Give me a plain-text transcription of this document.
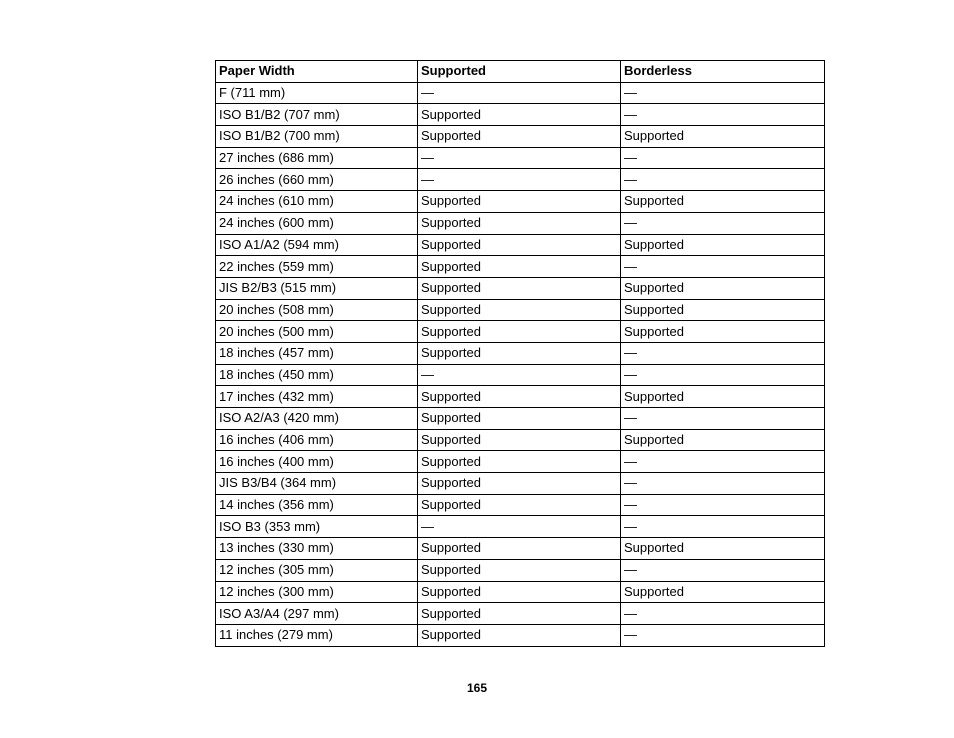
Paper Width	Supported	Borderless
F (711 mm)	—	—
ISO B1/B2 (707 mm)	Supported	—
ISO B1/B2 (700 mm)	Supported	Supported
27 inches (686 mm)	—	—
26 inches (660 mm)	—	—
24 inches (610 mm)	Supported	Supported
24 inches (600 mm)	Supported	—
ISO A1/A2 (594 mm)	Supported	Supported
22 inches (559 mm)	Supported	—
JIS B2/B3 (515 mm)	Supported	Supported
20 inches (508 mm)	Supported	Supported
20 inches (500 mm)	Supported	Supported
18 inches (457 mm)	Supported	—
18 inches (450 mm)	—	—
17 inches (432 mm)	Supported	Supported
ISO A2/A3 (420 mm)	Supported	—
16 inches (406 mm)	Supported	Supported
16 inches (400 mm)	Supported	—
JIS B3/B4 (364 mm)	Supported	—
14 inches (356 mm)	Supported	—
ISO B3 (353 mm)	—	—
13 inches (330 mm)	Supported	Supported
12 inches (305 mm)	Supported	—
12 inches (300 mm)	Supported	Supported
ISO A3/A4 (297 mm)	Supported	—
11 inches (279 mm)	Supported	—
165
